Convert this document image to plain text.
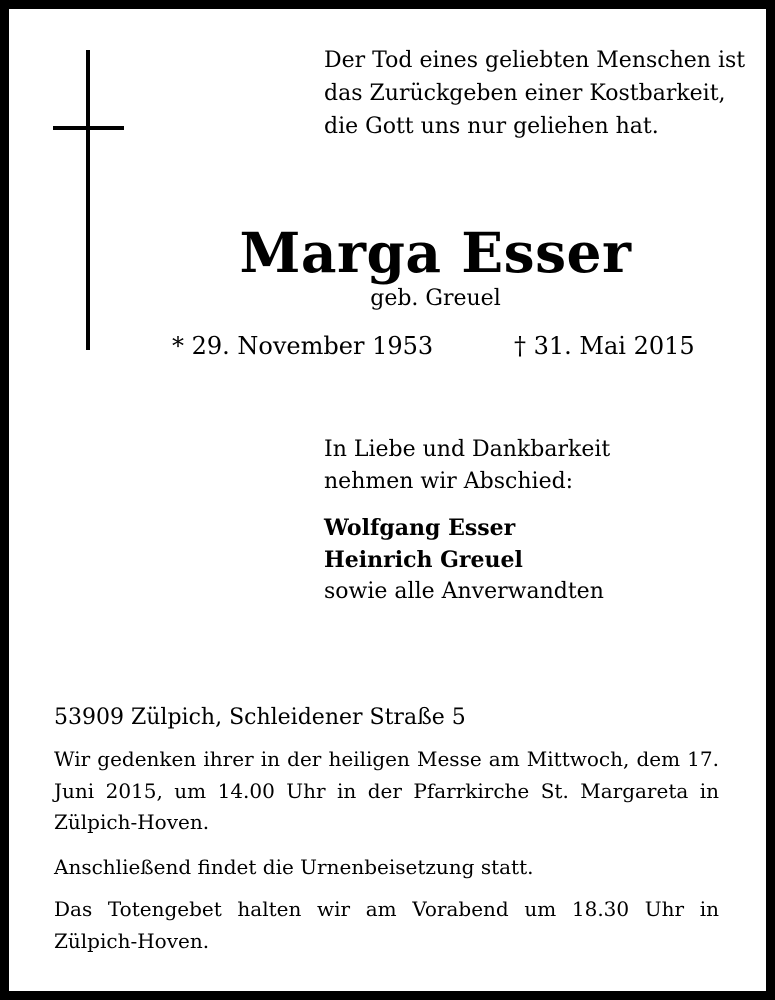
Der Tod eines geliebten Menschen ist
das Zurückgeben einer Kostbarkeit,
die Gott uns nur geliehen hat.
Marga Esser
geb. Greuel
* 29. November 1953	† 31. Mai 2015
In Liebe und Dankbarkeit
nehmen wir Abschied:
Wolfgang Esser
Heinrich Greuel
sowie alle Anverwandten
53909 Zülpich, Schleidener Straße 5
Wir gedenken ihrer in der heiligen Messe am Mittwoch, dem 17. Juni 2015, um 14.00 Uhr in der Pfarrkirche St. Margareta in Zülpich-Hoven.
Anschließend findet die Urnenbeisetzung statt.
Das Totengebet halten wir am Vorabend um 18.30 Uhr in Zülpich-Hoven.
